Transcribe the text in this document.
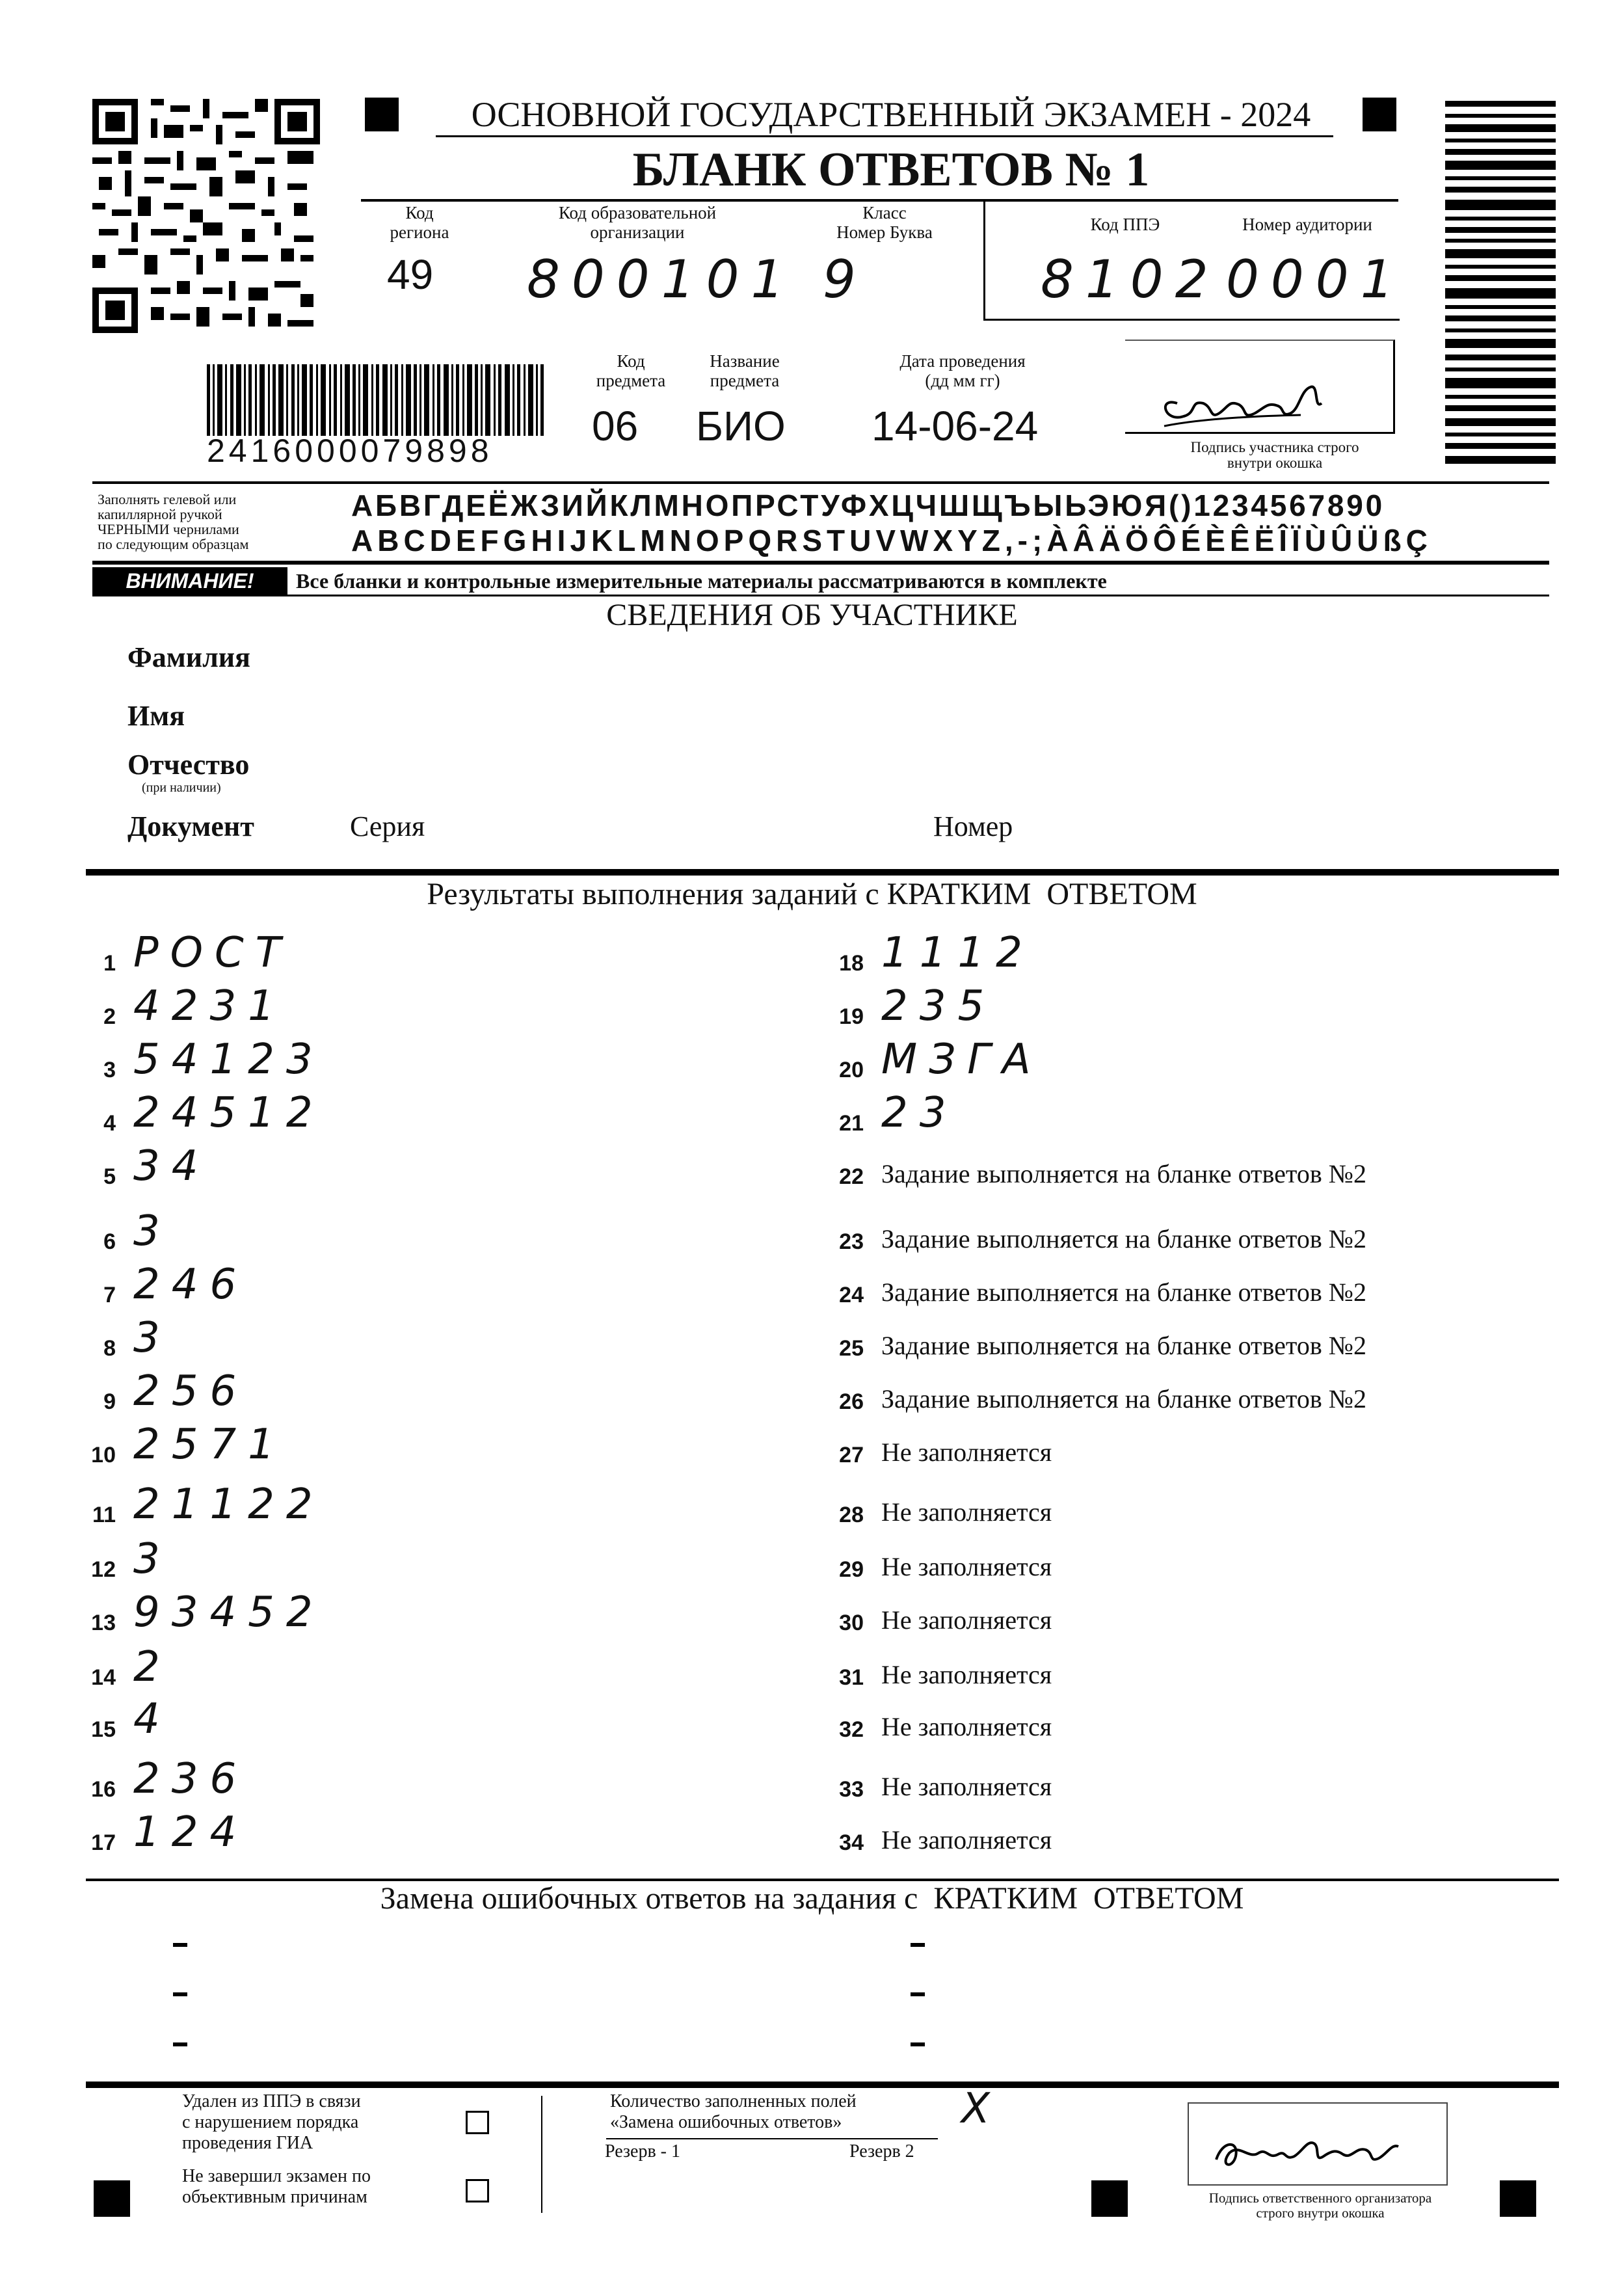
ОСНОВНОЙ ГОСУДАРСТВЕННЫЙ ЭКЗАМЕН - 2024
БЛАНК ОТВЕТОВ № 1
Код
региона
49
Код образовательной
организации
800101
Класс
Номер Буква
9
Код ППЭ	Номер аудитории
8102 0001
2416000079898
Код
предмета
06
Название
предмета
БИО
Дата проведения
(дд мм гг)
14-06-24	Подпись участника строго
внутри окошка
Заполнять гелевой или
капиллярной ручкой
ЧЕРНЫМИ чернилами
по следующим образцам
АБВГДЕЁЖЗИЙКЛМНОПРСТУФХЦЧШЩЪЫЬЭЮЯ()1234567890
ABCDEFGHIJKLMNOPQRSTUVWXYZ,-;ÀÂÄÖÔÉÈÊËÎÏÙÛÜßÇ
ВНИМАНИЕ!	Все бланки и контрольные измерительные материалы рассматриваются в комплекте
СВЕДЕНИЯ ОБ УЧАСТНИКЕ
Фамилия
Имя
Отчество
(при наличии)
Документ	Серия	Номер
Результаты выполнения заданий с КРАТКИМ  ОТВЕТОМ
1 РОСТ
2 4231
3 54123
4 24512
5 34
6 3
7 246
8 3
9 256
10 2571
11 21122
12 3
13 93452
14 2
15 4
16 236
17 124
18 1112
19 235
20 МЗГА
21 23
22 Задание выполняется на бланке ответов №2
23 Задание выполняется на бланке ответов №2
24 Задание выполняется на бланке ответов №2
25 Задание выполняется на бланке ответов №2
26 Задание выполняется на бланке ответов №2
27 Не заполняется
28 Не заполняется
29 Не заполняется
30 Не заполняется
31 Не заполняется
32 Не заполняется
33 Не заполняется
34 Не заполняется
Замена ошибочных ответов на задания с  КРАТКИМ  ОТВЕТОМ
Удален из ППЭ в связи
с нарушением порядка
проведения ГИА
Не завершил экзамен по
объективным причинам
Количество заполненных полей
«Замена ошибочных ответов»	X
Резерв - 1	Резерв 2
Подпись ответственного организатора
строго внутри окошка
